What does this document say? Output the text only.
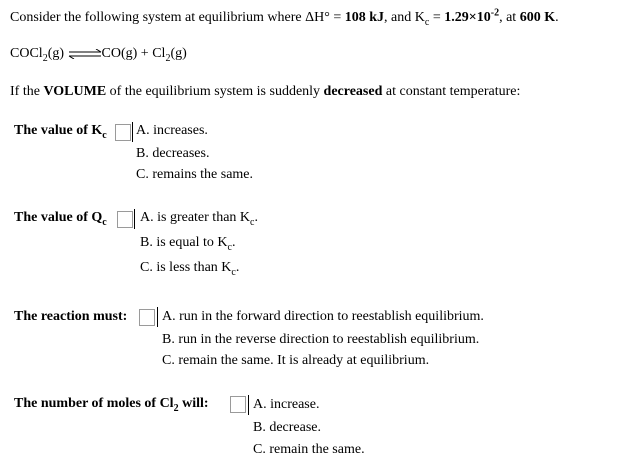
Consider the following system at equilibrium where ΔH° = 108 kJ, and $K_c = 1.29\times 10^{-2}$, at 600 K.
COCl$_2$(g) ⇌CO(g) + $Cl_2(g)$
If the VOLUME of the equilibrium system is suddenly decreased at constant temperature:
The value of $K_c$ A. increases.
B. decreases.
C. remains the same.
The value of $Q_c$ A. is greater than $K_c$.
B. is equal to $K_c$.
C. is less than $K_c$.
The reaction must: A. run in the forward direction to reestablish equilibrium.
B. run in the reverse direction to reestablish equilibrium.
C. remain the same. It is already at equilibrium.
The number of moles of $Cl_2$ will:	A. increase.
B. decrease.
C. remain the same.
